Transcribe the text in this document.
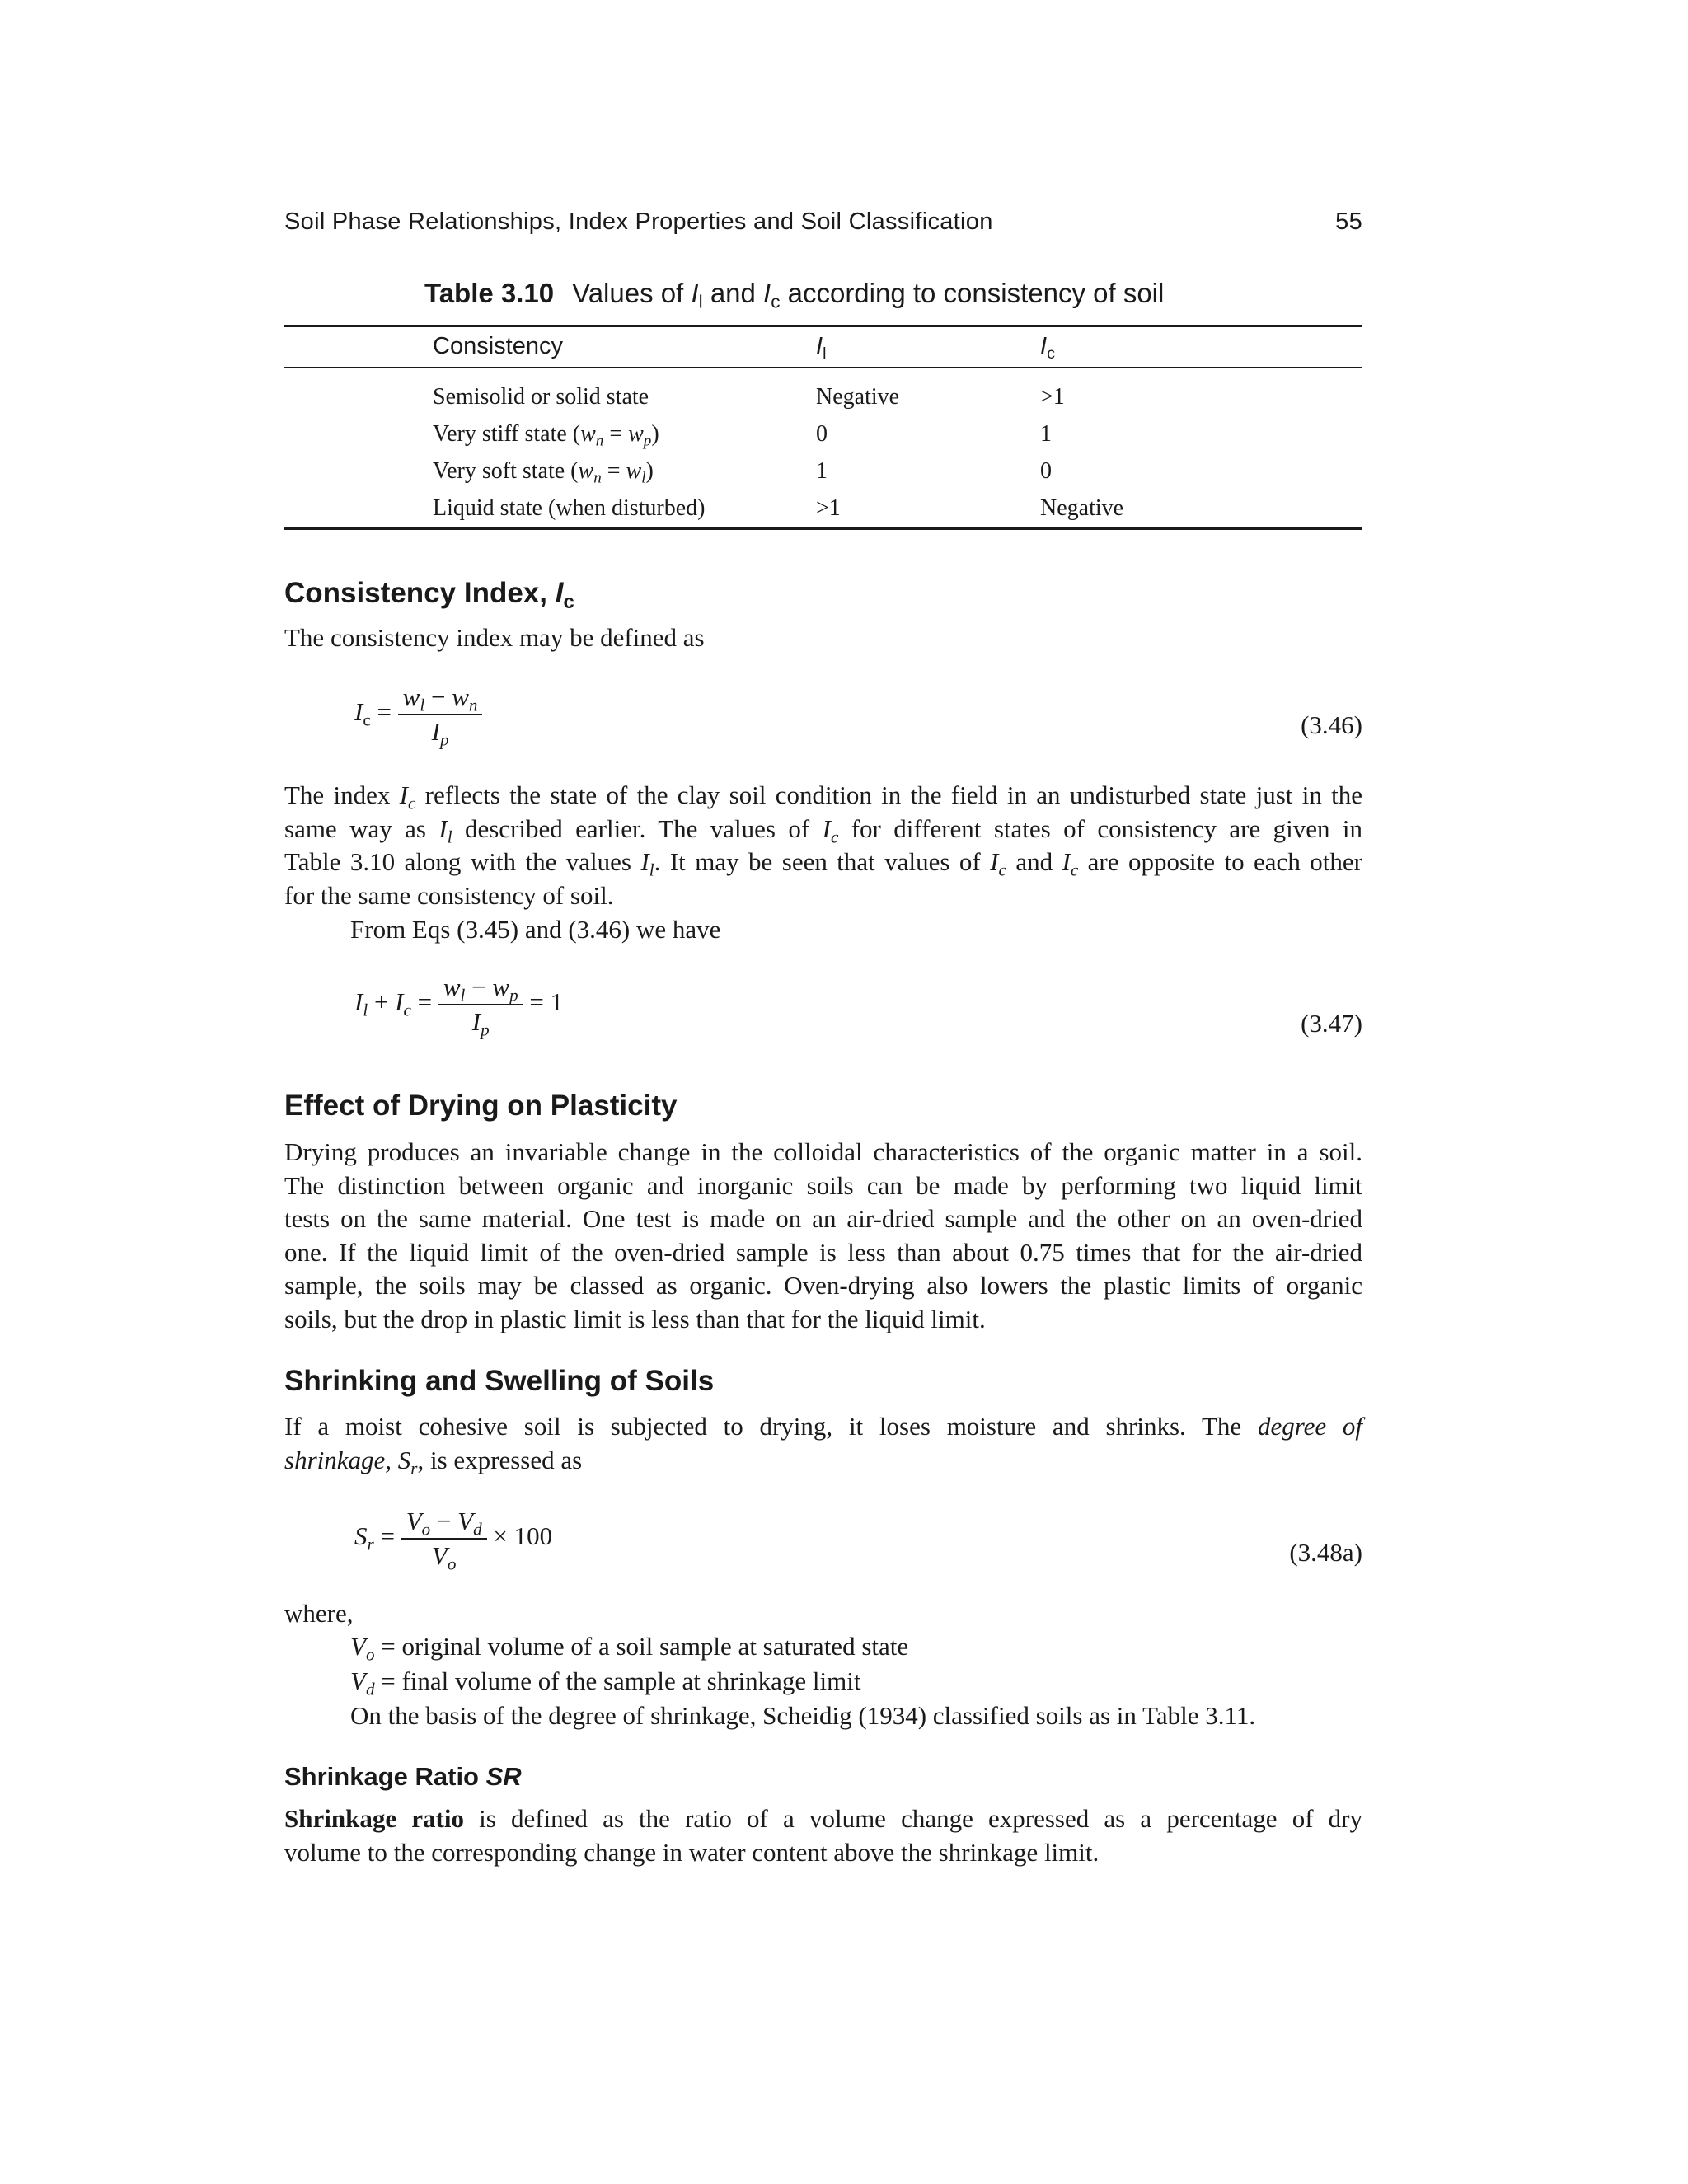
Soil Phase Relationships, Index Properties and Soil Classification	55
Table 3.10 Values of $I_l$ and $I_c$ according to consistency of soil
Consistency	$I_l$	$I_c$
Semisolid or solid state	Negative	>1
Very stiff state $(w_n = w_p)$	0	1
Very soft state $(w_n = w_l)$	1	0
Liquid state (when disturbed)	>1	Negative
Consistency Index, $I_c$
The consistency index may be defined as
$I_c = \frac{w_l - w_n}{I_p}$	(3.46)
The index $I_c$ reflects the state of the clay soil condition in the field in an undisturbed state just in the
same way as $I_l$ described earlier. The values of $I_c$ for different states of consistency are given in
Table 3.10 along with the values $I_l$. It may be seen that values of $I_c$ and $I_c$ are opposite to each other
for the same consistency of soil.
From Eqs (3.45) and (3.46) we have
$I_l + I_c = \frac{w_l - w_p}{I_p} = 1$
(3.47)
Effect of Drying on Plasticity
Drying produces an invariable change in the colloidal characteristics of the organic matter in a soil.
The distinction between organic and inorganic soils can be made by performing two liquid limit
tests on the same material. One test is made on an air-dried sample and the other on an oven-dried
one. If the liquid limit of the oven-dried sample is less than about 0.75 times that for the air-dried
sample, the soils may be classed as organic. Oven-drying also lowers the plastic limits of organic
soils, but the drop in plastic limit is less than that for the liquid limit.
Shrinking and Swelling of Soils
If a moist cohesive soil is subjected to drying, it loses moisture and shrinks. The degree of
shrinkage, $S_r$, is expressed as
$S_r = \frac{V_o - V_d}{V_o} \times 100$
(3.48a)
where,
$V_o$ = original volume of a soil sample at saturated state
$V_d$ = final volume of the sample at shrinkage limit
On the basis of the degree of shrinkage, Scheidig (1934) classified soils as in Table 3.11.
Shrinkage Ratio SR
Shrinkage ratio is defined as the ratio of a volume change expressed as a percentage of dry
volume to the corresponding change in water content above the shrinkage limit.
